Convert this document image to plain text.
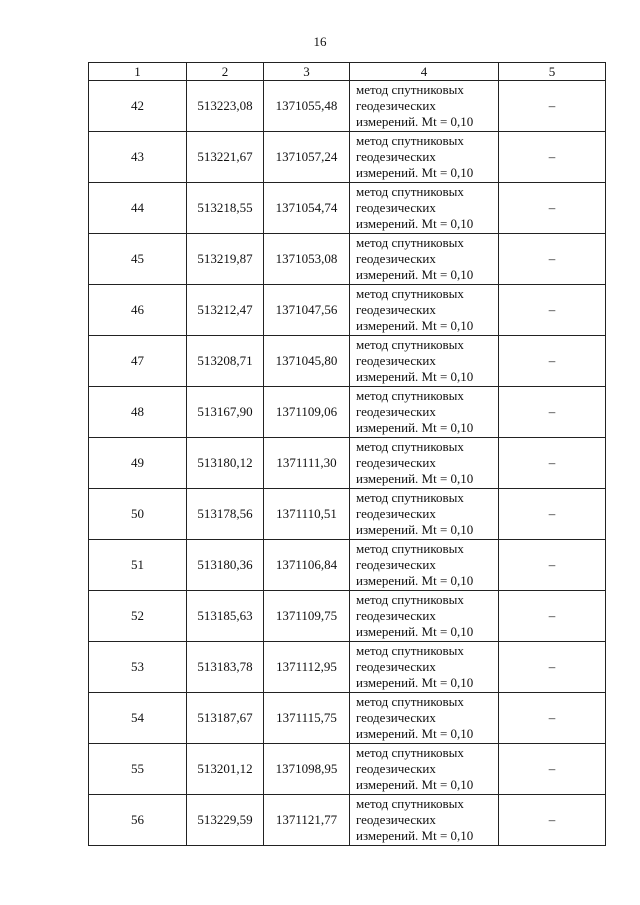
16
1	2	3	4	5
42	513223,08	1371055,48	метод спутниковых
геодезических
измерений. Mt = 0,10	–
43	513221,67	1371057,24	метод спутниковых
геодезических
измерений. Mt = 0,10	–
44	513218,55	1371054,74	метод спутниковых
геодезических
измерений. Mt = 0,10	–
45	513219,87	1371053,08	метод спутниковых
геодезических
измерений. Mt = 0,10	–
46	513212,47	1371047,56	метод спутниковых
геодезических
измерений. Mt = 0,10	–
47	513208,71	1371045,80	метод спутниковых
геодезических
измерений. Mt = 0,10	–
48	513167,90	1371109,06	метод спутниковых
геодезических
измерений. Mt = 0,10	–
49	513180,12	1371111,30	метод спутниковых
геодезических
измерений. Mt = 0,10	–
50	513178,56	1371110,51	метод спутниковых
геодезических
измерений. Mt = 0,10	–
51	513180,36	1371106,84	метод спутниковых
геодезических
измерений. Mt = 0,10	–
52	513185,63	1371109,75	метод спутниковых
геодезических
измерений. Mt = 0,10	–
53	513183,78	1371112,95	метод спутниковых
геодезических
измерений. Mt = 0,10	–
54	513187,67	1371115,75	метод спутниковых
геодезических
измерений. Mt = 0,10	–
55	513201,12	1371098,95	метод спутниковых
геодезических
измерений. Mt = 0,10	–
56	513229,59	1371121,77	метод спутниковых
геодезических
измерений. Mt = 0,10	–
